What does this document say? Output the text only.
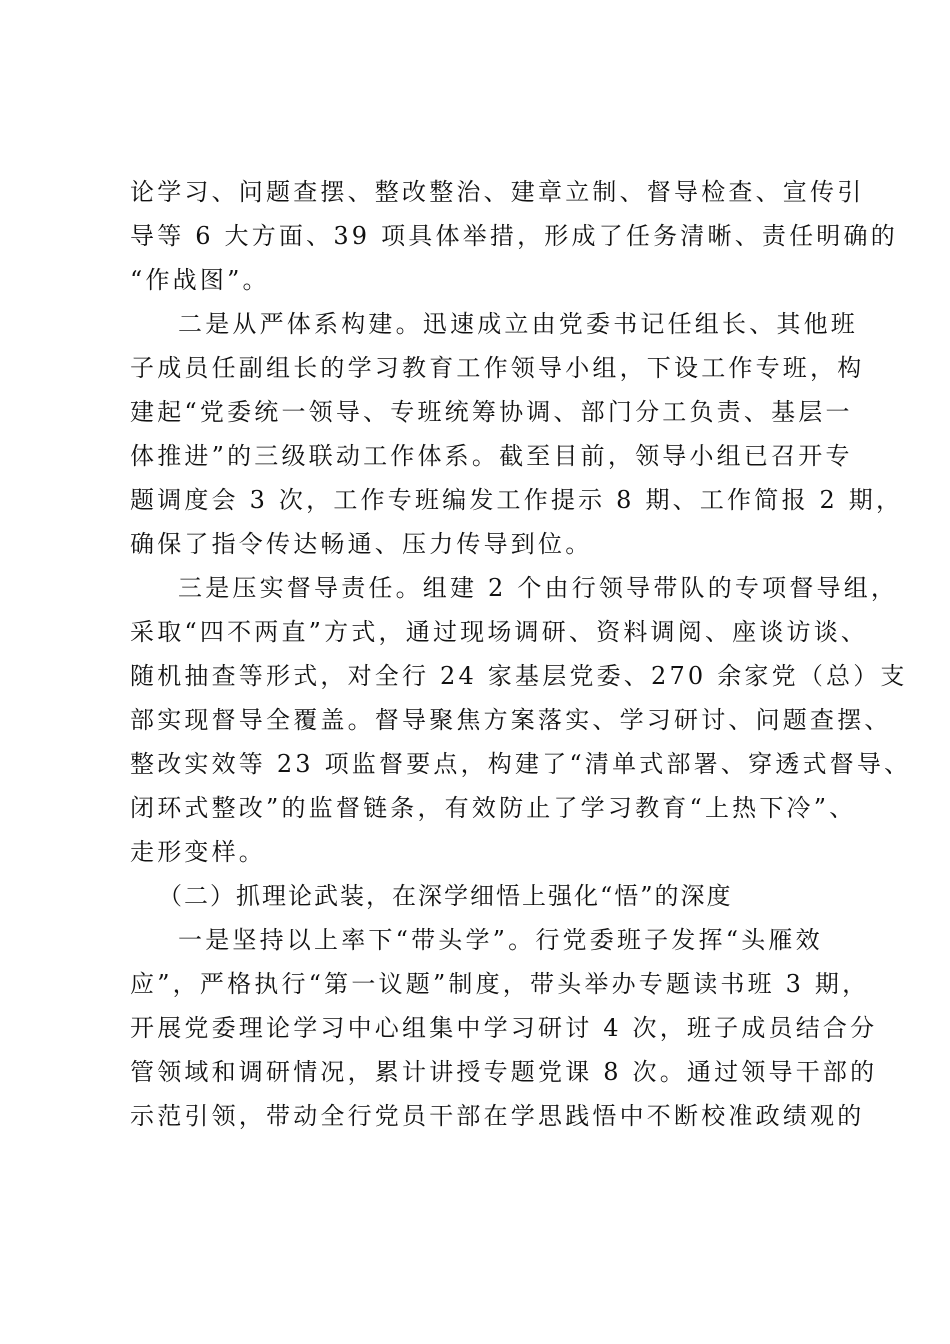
论学习、问题查摆、整改整治、建章立制、督导检查、宣传引
导等 6 大方面、39 项具体举措，形成了任务清晰、责任明确的
“作战图”。
二是从严体系构建。迅速成立由党委书记任组长、其他班
子成员任副组长的学习教育工作领导小组，下设工作专班，构
建起“党委统一领导、专班统筹协调、部门分工负责、基层一
体推进”的三级联动工作体系。截至目前，领导小组已召开专
题调度会 3 次，工作专班编发工作提示 8 期、工作简报 2 期，
确保了指令传达畅通、压力传导到位。
三是压实督导责任。组建 2 个由行领导带队的专项督导组，
采取“四不两直”方式，通过现场调研、资料调阅、座谈访谈、
随机抽查等形式，对全行 24 家基层党委、270 余家党（总）支
部实现督导全覆盖。督导聚焦方案落实、学习研讨、问题查摆、
整改实效等 23 项监督要点，构建了“清单式部署、穿透式督导、
闭环式整改”的监督链条，有效防止了学习教育“上热下冷”、
走形变样。
（二）抓理论武装，在深学细悟上强化“悟”的深度
一是坚持以上率下“带头学”。行党委班子发挥“头雁效
应”，严格执行“第一议题”制度，带头举办专题读书班 3 期，
开展党委理论学习中心组集中学习研讨 4 次，班子成员结合分
管领域和调研情况，累计讲授专题党课 8 次。通过领导干部的
示范引领，带动全行党员干部在学思践悟中不断校准政绩观的
